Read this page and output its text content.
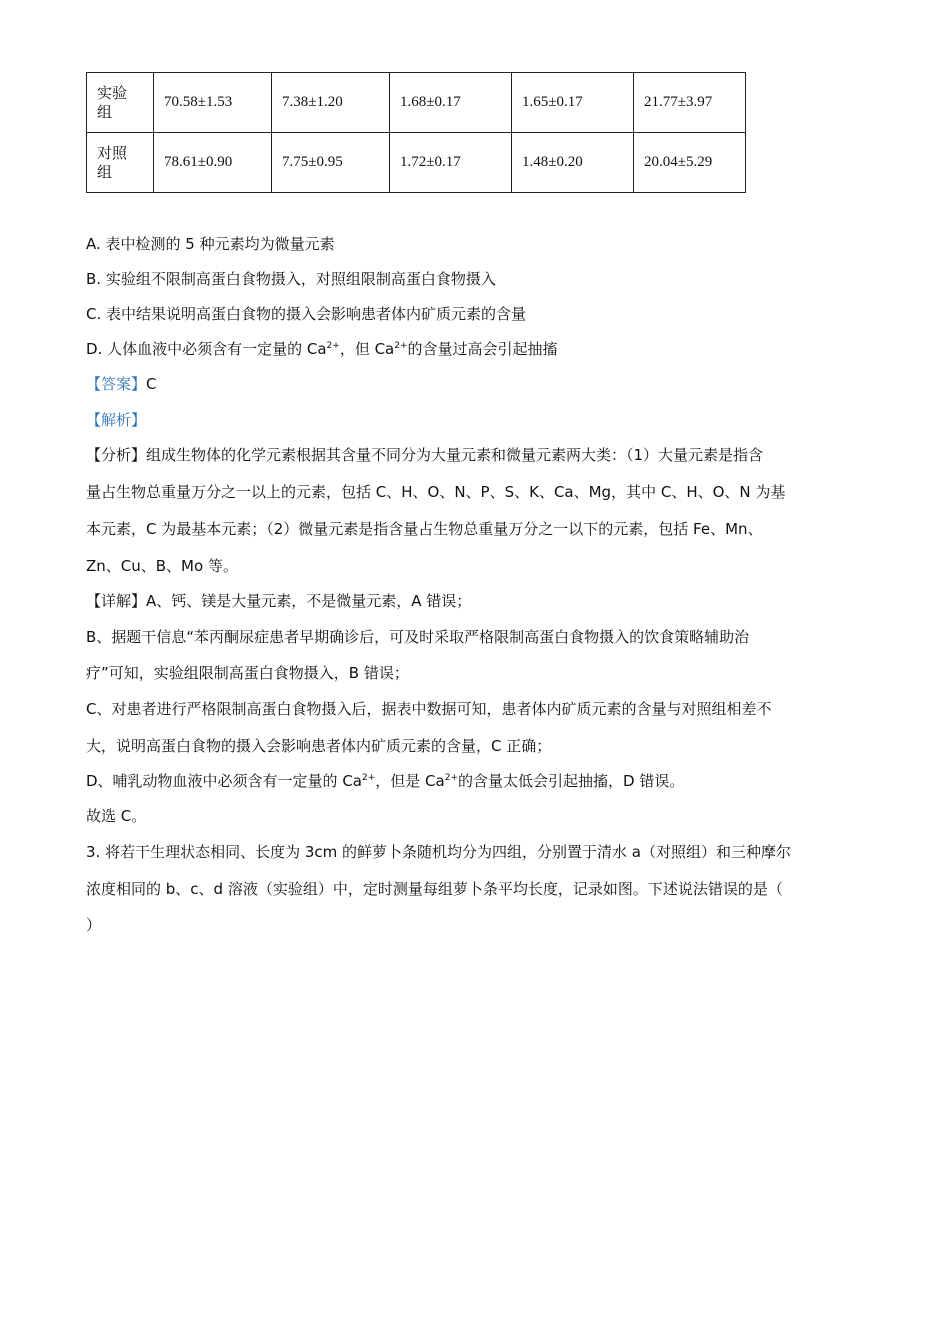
实验
组	70.58±1.53	7.38±1.20	1.68±0.17	1.65±0.17	21.77±3.97
对照
组	78.61±0.90	7.75±0.95	1.72±0.17	1.48±0.20	20.04±5.29
A. 表中检测的 5 种元素均为微量元素
B. 实验组不限制高蛋白食物摄入，对照组限制高蛋白食物摄入
C. 表中结果说明高蛋白食物的摄入会影响患者体内矿质元素的含量
D. 人体血液中必须含有一定量的 $Ca^{2+}$，但 $Ca^{2+}$的含量过高会引起抽搐
【答案】C
【解析】
【分析】组成生物体的化学元素根据其含量不同分为大量元素和微量元素两大类：（1）大量元素是指含
量占生物总重量万分之一以上的元素，包括 C、H、O、N、P、S、K、Ca、Mg，其中 C、H、O、N 为基
本元素，C 为最基本元素；（2）微量元素是指含量占生物总重量万分之一以下的元素，包括 Fe、Mn、
Zn、Cu、B、Mo 等。
【详解】A、钙、镁是大量元素，不是微量元素，A 错误；
B、据题干信息“苯丙酮尿症患者早期确诊后，可及时采取严格限制高蛋白食物摄入的饮食策略辅助治
疗”可知，实验组限制高蛋白食物摄入，B 错误；
C、对患者进行严格限制高蛋白食物摄入后，据表中数据可知，患者体内矿质元素的含量与对照组相差不
大，说明高蛋白食物的摄入会影响患者体内矿质元素的含量，C 正确；
D、哺乳动物血液中必须含有一定量的 $Ca^{2+}$，但是 $Ca^{2+}$的含量太低会引起抽搐，D 错误。
故选 C。
3. 将若干生理状态相同、长度为 3cm 的鲜萝卜条随机均分为四组，分别置于清水 a（对照组）和三种摩尔
浓度相同的 b、c、d 溶液（实验组）中，定时测量每组萝卜条平均长度，记录如图。下述说法错误的是（
）
